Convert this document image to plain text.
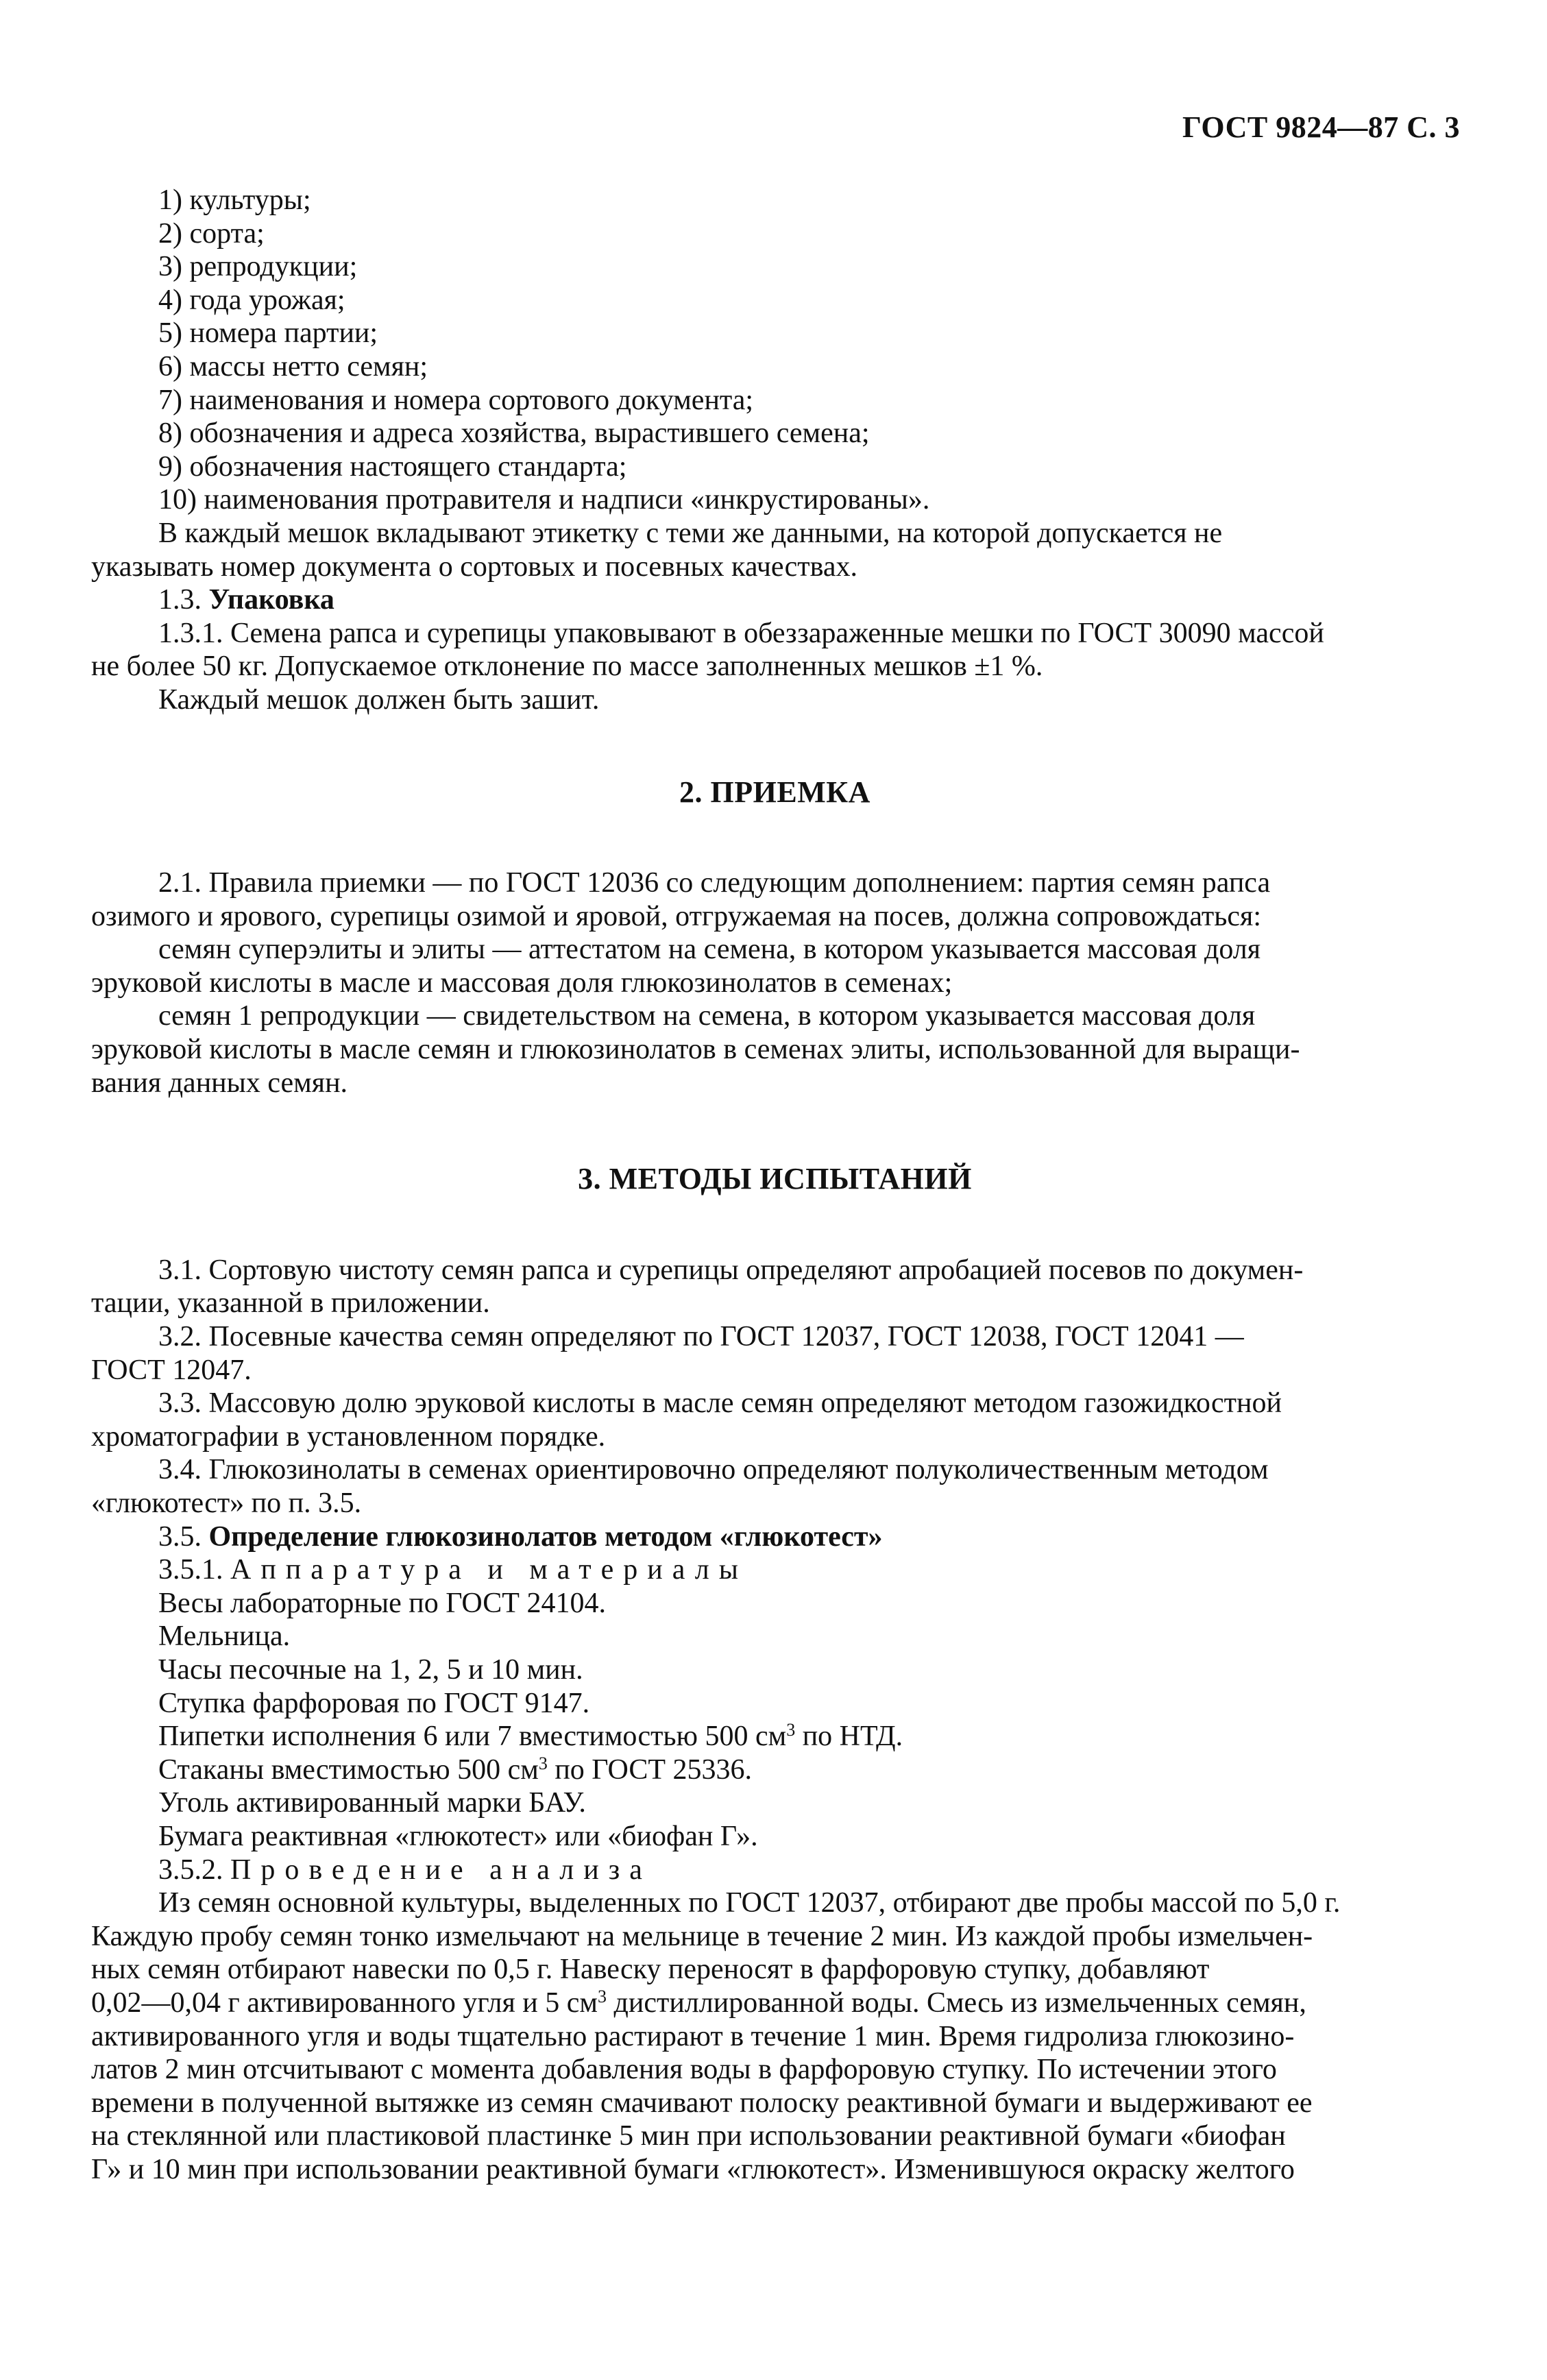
ГОСТ 9824—87 С. 3
1) культуры;
2) сорта;
3) репродукции;
4) года урожая;
5) номера партии;
6) массы нетто семян;
7) наименования и номера сортового документа;
8) обозначения и адреса хозяйства, вырастившего семена;
9) обозначения настоящего стандарта;
10) наименования протравителя и надписи «инкрустированы».

В каждый мешок вкладывают этикетку с теми же данными, на которой допускается не

указывать номер документа о сортовых и посевных качествах.

1.3. Упаковка

1.3.1. Семена рапса и сурепицы упаковывают в обеззараженные мешки по ГОСТ 30090 массой

не более 50 кг. Допускаемое отклонение по массе заполненных мешков ±1 %.

Каждый мешок должен быть зашит.

2. ПРИЕМКА

2.1. Правила приемки — по ГОСТ 12036 со следующим дополнением: партия семян рапса

озимого и ярового, сурепицы озимой и яровой, отгружаемая на посев, должна сопровождаться:

семян суперэлиты и элиты — аттестатом на семена, в котором указывается массовая доля

эруковой кислоты в масле и массовая доля глюкозинолатов в семенах;

семян 1 репродукции — свидетельством на семена, в котором указывается массовая доля

эруковой кислоты в масле семян и глюкозинолатов в семенах элиты, использованной для выращи-

вания данных семян.

3. МЕТОДЫ ИСПЫТАНИЙ

3.1. Сортовую чистоту семян рапса и сурепицы определяют апробацией посевов по докумен-

тации, указанной в приложении.

3.2. Посевные качества семян определяют по ГОСТ 12037, ГОСТ 12038, ГОСТ 12041 —

ГОСТ 12047.

3.3. Массовую долю эруковой кислоты в масле семян определяют методом газожидкостной

хроматографии в установленном порядке.

3.4. Глюкозинолаты в семенах ориентировочно определяют полуколичественным методом

«глюкотест» по п. 3.5.

3.5. Определение глюкозинолатов методом «глюкотест»

3.5.1. Аппаратура и материалы

Весы лабораторные по ГОСТ 24104.

Мельница.

Часы песочные на 1, 2, 5 и 10 мин.

Ступка фарфоровая по ГОСТ 9147.

Пипетки исполнения 6 или 7 вместимостью 500 $см^3$ по НТД.

Стаканы вместимостью 500 $см^3$ по ГОСТ 25336.

Уголь активированный марки БАУ.

Бумага реактивная «глюкотест» или «биофан Г».

3.5.2. Проведение анализа

Из семян основной культуры, выделенных по ГОСТ 12037, отбирают две пробы массой по 5,0 г.

Каждую пробу семян тонко измельчают на мельнице в течение 2 мин. Из каждой пробы измельчен-

ных семян отбирают навески по 0,5 г. Навеску переносят в фарфоровую ступку, добавляют

0,02—0,04 г активированного угля и 5 $см^3$ дистиллированной воды. Смесь из измельченных семян,

активированного угля и воды тщательно растирают в течение 1 мин. Время гидролиза глюкозино-

латов 2 мин отсчитывают с момента добавления воды в фарфоровую ступку. По истечении этого

времени в полученной вытяжке из семян смачивают полоску реактивной бумаги и выдерживают ее

на стеклянной или пластиковой пластинке 5 мин при использовании реактивной бумаги «биофан

Г» и 10 мин при использовании реактивной бумаги «глюкотест». Изменившуюся окраску желтого
